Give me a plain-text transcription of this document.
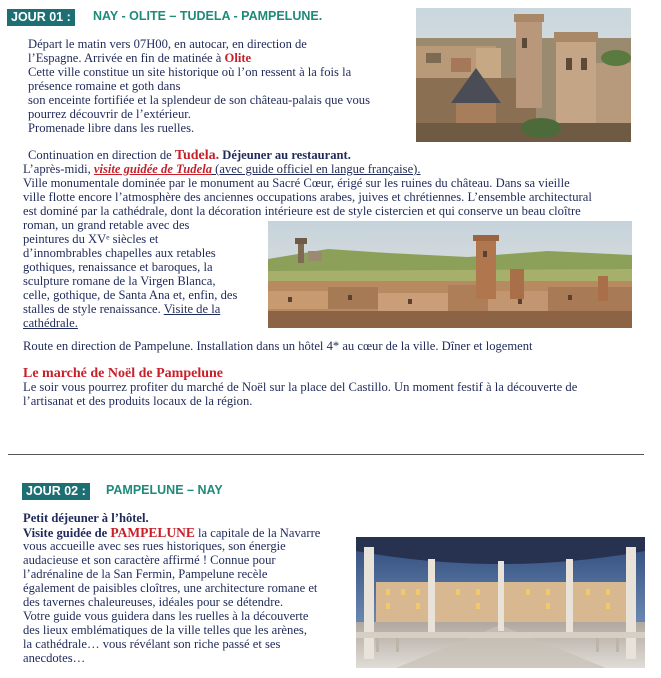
JOUR 01 :	NAY - OLITE – TUDELA - PAMPELUNE.
Départ le matin vers 07H00, en autocar, en direction de
l’Espagne. Arrivée en fin de matinée à Olite
Cette ville constitue un site historique où l’on ressent à la fois la
présence romaine et goth dans
son enceinte fortifiée et la splendeur de son château-palais que vous
pourrez découvrir de l’extérieur.
Promenade libre dans les ruelles.
Continuation en direction de Tudela. Déjeuner au restaurant.
L’après-midi, visite guidée de Tudela (avec guide officiel en langue française).
Ville monumentale dominée par le monument au Sacré Cœur, érigé sur les ruines du château. Dans sa vieille
ville flotte encore l’atmosphère des anciennes occupations arabes, juives et chrétiennes. L’ensemble architectural
est dominé par la cathédrale, dont la décoration intérieure est de style cistercien et qui conserve un beau cloître
roman, un grand retable avec des
peintures du XVᵉ siècles et
d’innombrables chapelles aux retables
gothiques, renaissance et baroques, la
sculpture romane de la Virgen Blanca,
celle, gothique, de Santa Ana et, enfin, des
stalles de style renaissance. Visite de la
cathédrale.
Route en direction de Pampelune. Installation dans un hôtel 4* au cœur de la ville. Dîner et logement
Le marché de Noël de Pampelune
Le soir vous pourrez profiter du marché de Noël sur la place del Castillo. Un moment festif à la découverte de
l’artisanat et des produits locaux de la région.
JOUR 02 :	PAMPELUNE – NAY
Petit déjeuner à l’hôtel.
Visite guidée de PAMPELUNE la capitale de la Navarre
vous accueille avec ses rues historiques, son énergie
audacieuse et son caractère affirmé ! Connue pour
l’adrénaline de la San Fermin, Pampelune recèle
également de paisibles cloîtres, une architecture romane et
des tavernes chaleureuses, idéales pour se détendre.
Votre guide vous guidera dans les ruelles à la découverte
des lieux emblématiques de la ville telles que les arènes,
la cathédrale… vous révélant son riche passé et ses
anecdotes…
